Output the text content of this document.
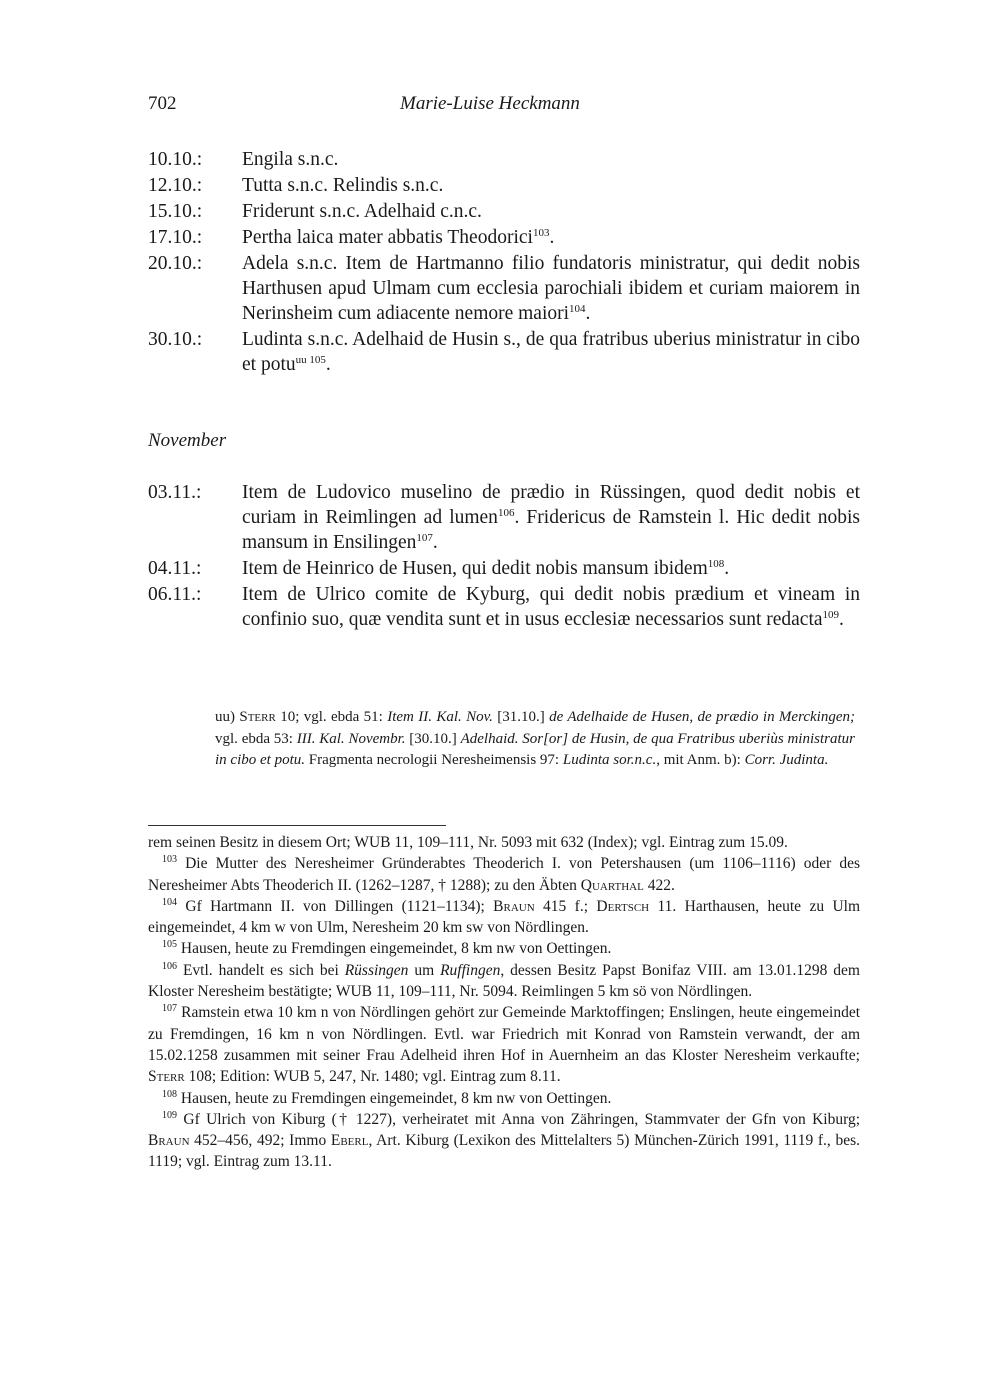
702	Marie-Luise Heckmann
10.10.:	Engila s.n.c.
12.10.:	Tutta s.n.c. Relindis s.n.c.
15.10.:	Friderunt s.n.c. Adelhaid c.n.c.
17.10.:	Pertha laica mater abbatis Theodorici$^{103}$.
20.10.:	Adela s.n.c. Item de Hartmanno filio fundatoris ministratur, qui dedit nobis Harthusen apud Ulmam cum ecclesia parochiali ibidem et curiam maiorem in Nerinsheim cum adiacente nemore maiori$^{104}$.
30.10.:	Ludinta s.n.c. Adelhaid de Husin s., de qua fratribus uberius ministratur in cibo et potu$^{uu 105}$.
November
03.11.:	Item de Ludovico muselino de prædio in Rüssingen, quod dedit nobis et curiam in Reimlingen ad lumen$^{106}$. Fridericus de Ramstein l. Hic dedit nobis mansum in Ensilingen$^{107}$.
04.11.:	Item de Heinrico de Husen, qui dedit nobis mansum ibidem$^{108}$.
06.11.:	Item de Ulrico comite de Kyburg, qui dedit nobis prædium et vineam in confinio suo, quæ vendita sunt et in usus ecclesiæ necessarios sunt redacta$^{109}$.
uu) Sterr 10; vgl. ebda 51: Item II. Kal. Nov. [31.10.] de Adelhaide de Husen, de prædio in Merckingen; vgl. ebda 53: III. Kal. Novembr. [30.10.] Adelhaid. Sor[or] de Husin, de qua Fratribus uberiùs ministratur in cibo et potu. Fragmenta necrologii Neresheimensis 97: Ludinta sor.n.c., mit Anm. b): Corr. Judinta.

rem seinen Besitz in diesem Ort; WUB 11, 109–111, Nr. 5093 mit 632 (Index); vgl. Eintrag zum 15.09.

$^{103}$ Die Mutter des Neresheimer Gründerabtes Theoderich I. von Petershausen (um 1106–1116) oder des Neresheimer Abts Theoderich II. (1262–1287, † 1288); zu den Äbten Quarthal 422.

$^{104}$ Gf Hartmann II. von Dillingen (1121–1134); Braun 415 f.; Dertsch 11. Harthausen, heute zu Ulm eingemeindet, 4 km w von Ulm, Neresheim 20 km sw von Nördlingen.

$^{105}$ Hausen, heute zu Fremdingen eingemeindet, 8 km nw von Oettingen.

$^{106}$ Evtl. handelt es sich bei Rüssingen um Ruffingen, dessen Besitz Papst Bonifaz VIII. am 13.01.1298 dem Kloster Neresheim bestätigte; WUB 11, 109–111, Nr. 5094. Reimlingen 5 km sö von Nördlingen.

$^{107}$ Ramstein etwa 10 km n von Nördlingen gehört zur Gemeinde Marktoffingen; Enslingen, heute eingemeindet zu Fremdingen, 16 km n von Nördlingen. Evtl. war Friedrich mit Konrad von Ramstein verwandt, der am 15.02.1258 zusammen mit seiner Frau Adelheid ihren Hof in Auernheim an das Kloster Neresheim verkaufte; Sterr 108; Edition: WUB 5, 247, Nr. 1480; vgl. Eintrag zum 8.11.

$^{108}$ Hausen, heute zu Fremdingen eingemeindet, 8 km nw von Oettingen.

$^{109}$ Gf Ulrich von Kiburg († 1227), verheiratet mit Anna von Zähringen, Stammvater der Gfn von Kiburg; Braun 452–456, 492; Immo Eberl, Art. Kiburg (Lexikon des Mittelalters 5) München-Zürich 1991, 1119 f., bes. 1119; vgl. Eintrag zum 13.11.
